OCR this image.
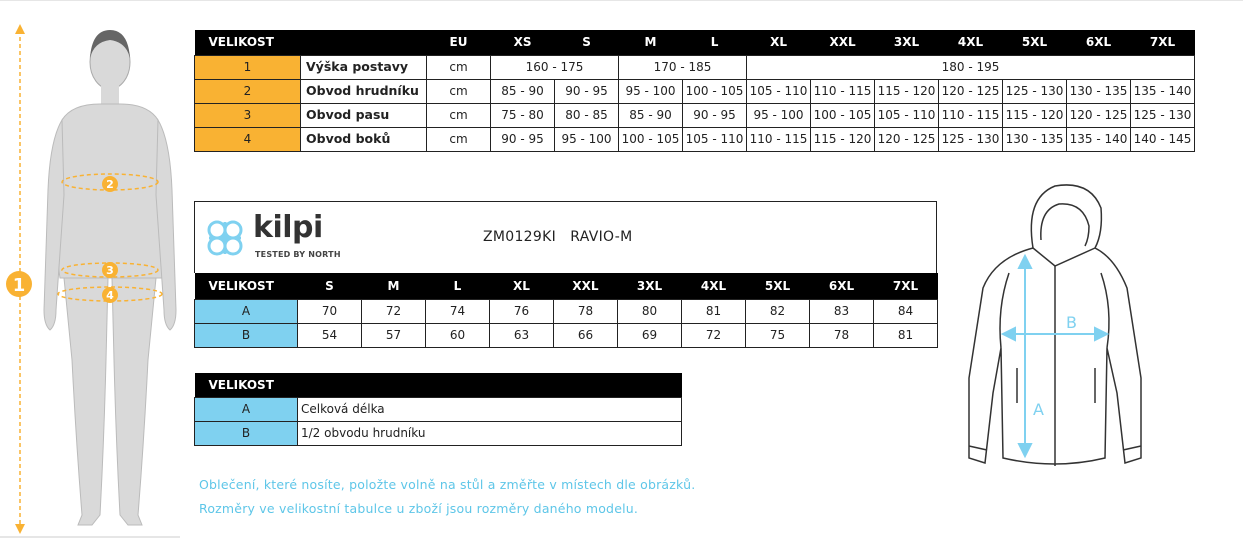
1
2
3
4
VELIKOST		EU	XS	S	M	L	XL	XXL	3XL	4XL	5XL	6XL	7XL
1	Výška postavy	cm	160 - 175		170 - 185		180 - 195						
2	Obvod hrudníku	cm	85 - 90	90 - 95	95 - 100	100 - 105	105 - 110	110 - 115	115 - 120	120 - 125	125 - 130	130 - 135	135 - 140
3	Obvod pasu	cm	75 - 80	80 - 85	85 - 90	90 - 95	95 - 100	100 - 105	105 - 110	110 - 115	115 - 120	120 - 125	125 - 130
4	Obvod boků	cm	90 - 95	95 - 100	100 - 105	105 - 110	110 - 115	115 - 120	120 - 125	125 - 130	130 - 135	135 - 140	140 - 145
kilpi
TESTED BY NORTH
ZM0129KI RAVIO-M
VELIKOST	S	M	L	XL	XXL	3XL	4XL	5XL	6XL	7XL
A	70	72	74	76	78	80	81	82	83	84
B	54	57	60	63	66	69	72	75	78	81
VELIKOST	
A	Celková délka
B	1/2 obvodu hrudníku
Oblečení, které nosíte, položte volně na stůl a změřte v místech dle obrázků.
Rozměry ve velikostní tabulce u zboží jsou rozměry daného modelu.
A
B
